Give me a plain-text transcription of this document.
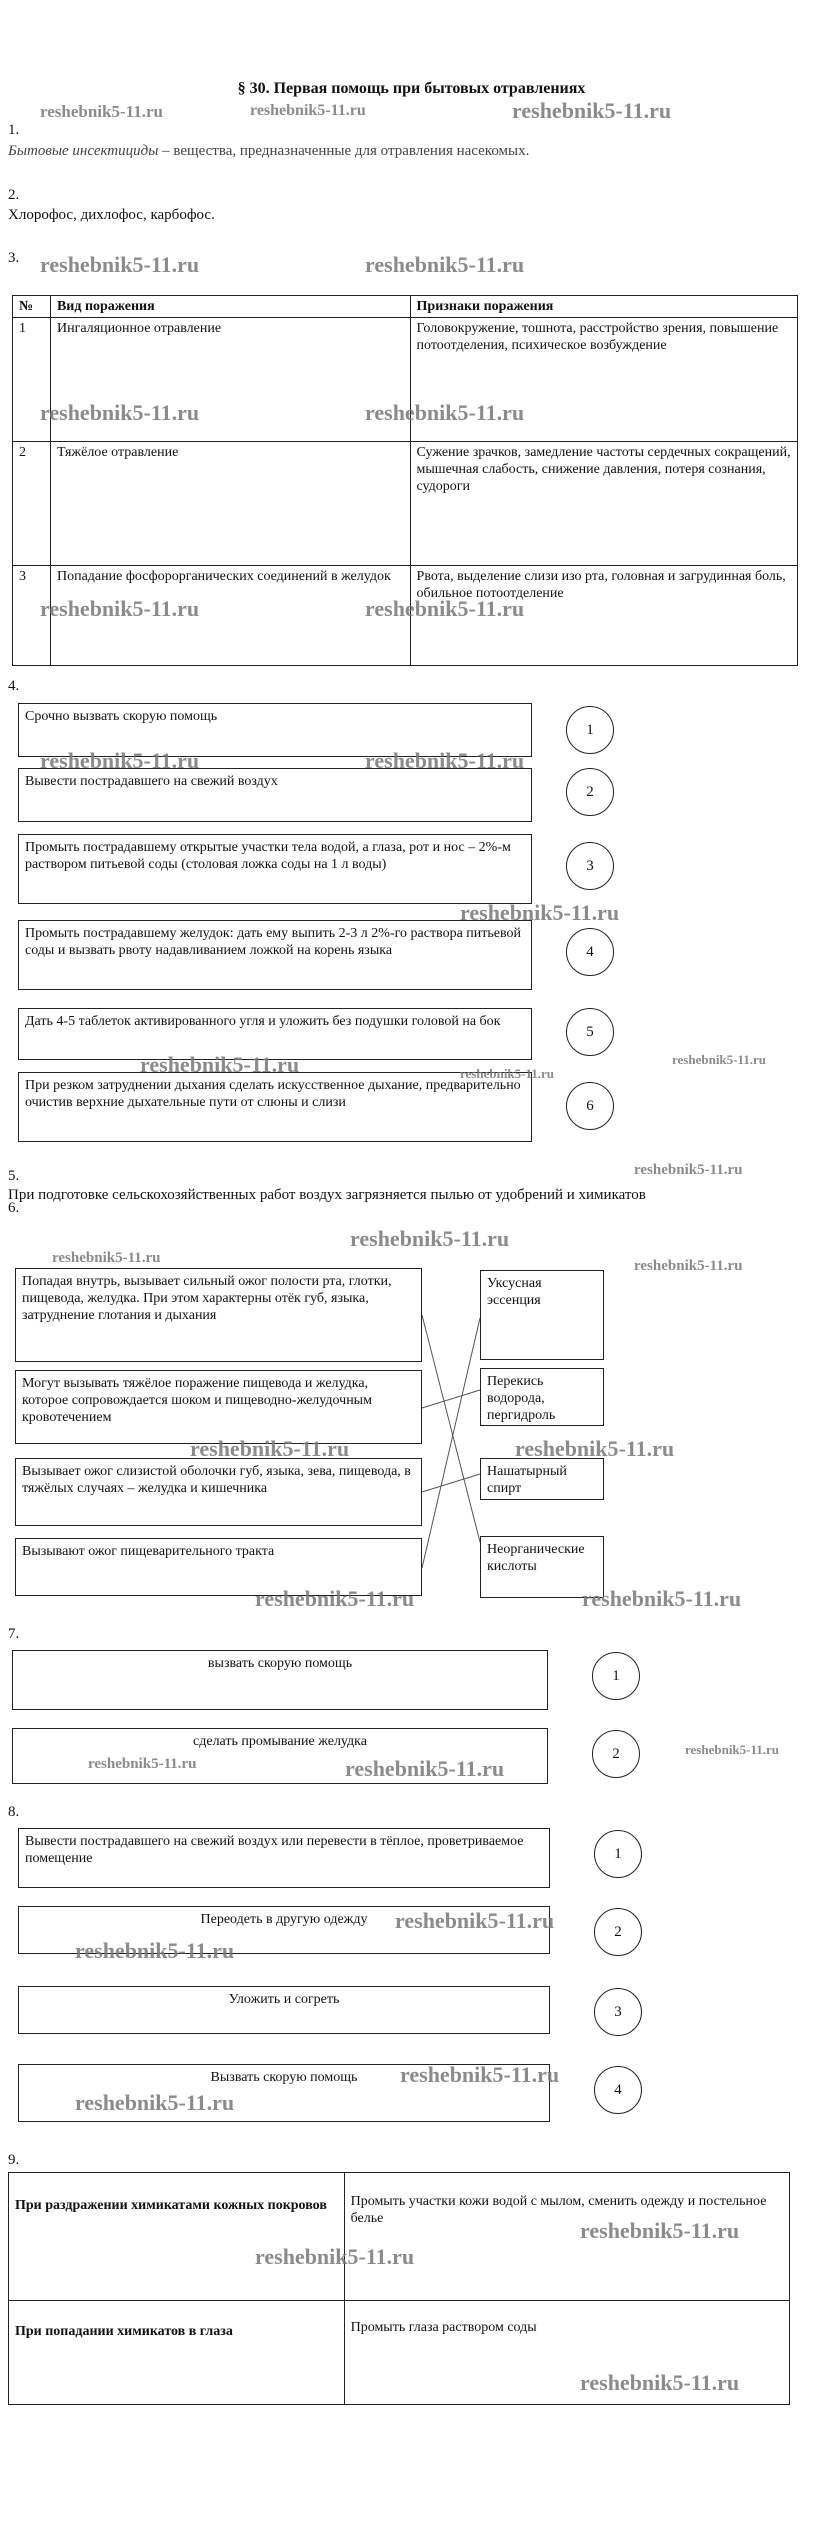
§ 30. Первая помощь при бытовых отравлениях
1.
Бытовые инсектициды – вещества, предназначенные для отравления насекомых.
2.
Хлорофос, дихлофос, карбофос.
3.
№	Вид поражения	Признаки поражения
1	Ингаляционное отравление	Головокружение, тошнота, расстройство зрения, повышение потоотделения, психическое возбуждение
2	Тяжёлое отравление	Сужение зрачков, замедление частоты сердечных сокращений, мышечная слабость, снижение давления, потеря сознания, судороги
3	Попадание фосфорорганических соединений в желудок	Рвота, выделение слизи изо рта, головная и загрудинная боль, обильное потоотделение
4.
Срочно вызвать скорую помощь
1
Вывести пострадавшего на свежий воздух
2
Промыть пострадавшему открытые участки тела водой, а глаза, рот и нос – 2%-м раствором питьевой соды (столовая ложка соды на 1 л воды)	3
Промыть пострадавшему желудок: дать ему выпить 2-3 л 2%-го раствора питьевой соды и вызвать рвоту надавливанием ложкой на корень языка	4
Дать 4-5 таблеток активированного угля и уложить без подушки головой на бок
5
При резком затруднении дыхания сделать искусственное дыхание, предварительно очистив верхние дыхательные пути от слюны и слизи	6
5.
При подготовке сельскохозяйственных работ воздух загрязняется пылью от удобрений и химикатов
6.
Попадая внутрь, вызывает сильный ожог полости рта, глотки, пищевода, желудка. При этом характерны отёк губ, языка, затруднение глотания и дыхания
Могут вызывать тяжёлое поражение пищевода и желудка, которое сопровождается шоком и пищеводно-желудочным кровотечением
Вызывает ожог слизистой оболочки губ, языка, зева, пищевода, в тяжёлых случаях – желудка и кишечника
Вызывают ожог пищеварительного тракта
Уксусная эссенция
Перекись водорода, пергидроль
Нашатырный спирт
Неорганические кислоты
7.
вызвать скорую помощь
1
сделать промывание желудка
2
8.
Вывести пострадавшего на свежий воздух или перевести в тёплое, проветриваемое помещение	1
Переодеть в другую одежду
2
Уложить и согреть
3
Вызвать скорую помощь
4
9.
При раздражении химикатами кожных покровов	Промыть участки кожи водой с мылом, сменить одежду и постельное белье
При попадании химикатов в глаза	Промыть глаза раствором соды
reshebnik5-11.ru	reshebnik5-11.ru	reshebnik5-11.ru
reshebnik5-11.ru	reshebnik5-11.ru
reshebnik5-11.ru	reshebnik5-11.ru
reshebnik5-11.ru	reshebnik5-11.ru
reshebnik5-11.ru	reshebnik5-11.ru
reshebnik5-11.ru
reshebnik5-11.ru	reshebnik5-11.ru
reshebnik5-11.ru
reshebnik5-11.ru
reshebnik5-11.ru
reshebnik5-11.ru	reshebnik5-11.ru
reshebnik5-11.ru	reshebnik5-11.ru
reshebnik5-11.ru	reshebnik5-11.ru
reshebnik5-11.ru
reshebnik5-11.ru	reshebnik5-11.ru
reshebnik5-11.ru
reshebnik5-11.ru
reshebnik5-11.ru
reshebnik5-11.ru
reshebnik5-11.ru
reshebnik5-11.ru
reshebnik5-11.ru
